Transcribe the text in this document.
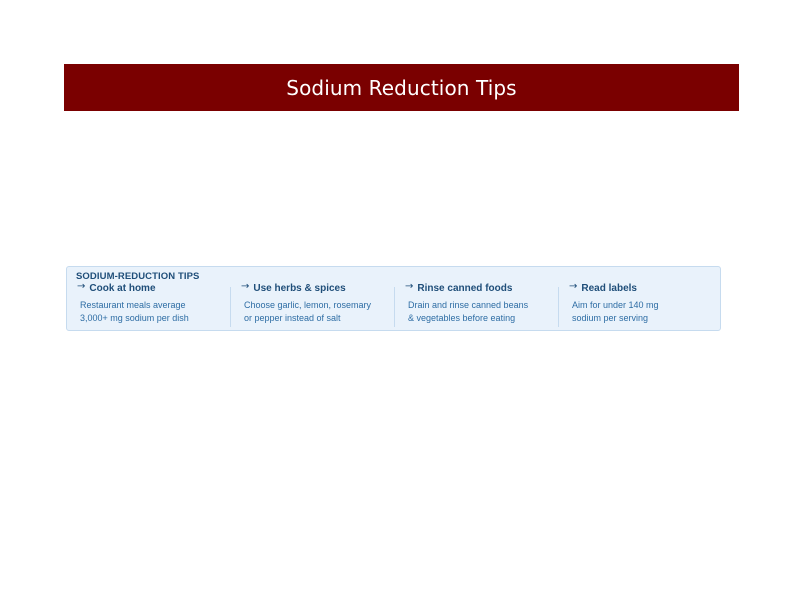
Sodium Reduction Tips
SODIUM-REDUCTION TIPS
→ Cook at home
Restaurant meals average
3,000+ mg sodium per dish
→ Use herbs & spices
Choose garlic, lemon, rosemary
or pepper instead of salt
→ Rinse canned foods
Drain and rinse canned beans
& vegetables before eating
→ Read labels
Aim for under 140 mg
sodium per serving
